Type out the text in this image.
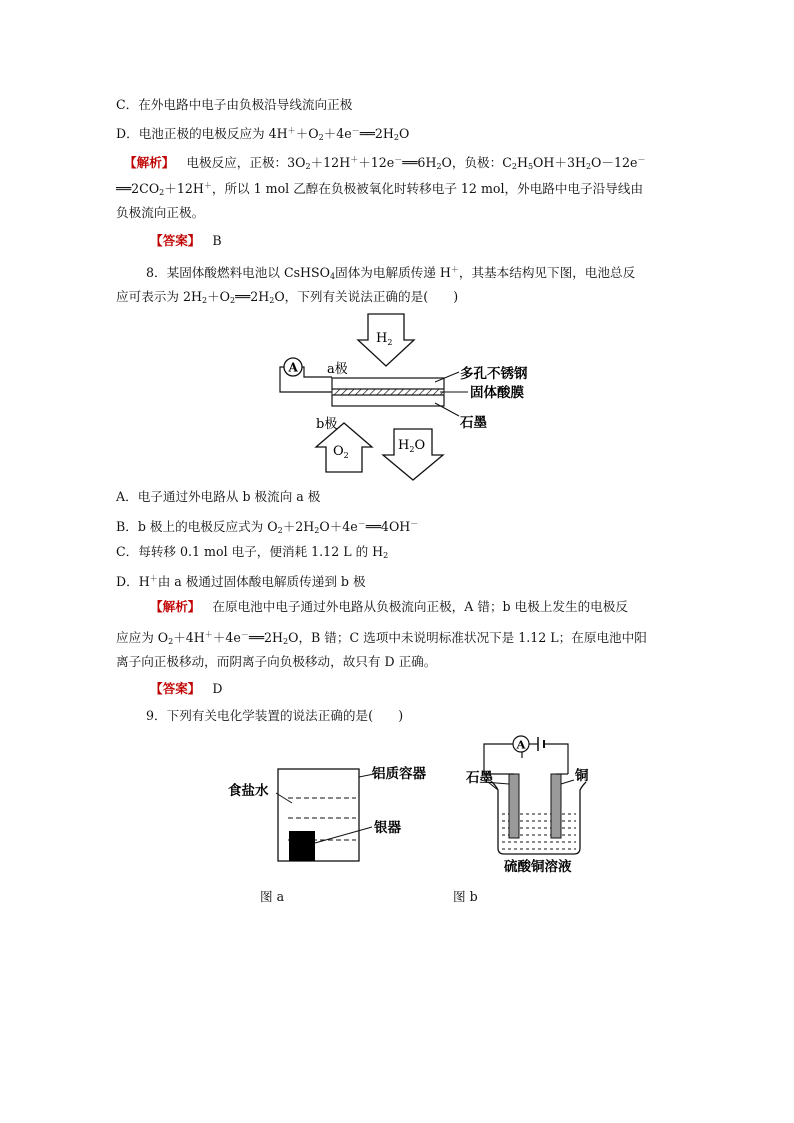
C．在外电路中电子由负极沿导线流向正极
D．电池正极的电极反应为 $4H^++O_2+4e^-══2H_2O$
【解析】 电极反应，正极：$3O_2+12H^++12e^-══6H_2O$，负极：$C_2H_5OH+3H_2O-12e^-$
$══2CO_2+12H^+$，所以 1 mol 乙醇在负极被氧化时转移电子 12 mol，外电路中电子沿导线由
负极流向正极。
【答案】 B
8．某固体酸燃料电池以 CsHSO$_4$固体为电解质传递 H＋，其基本结构见下图，电池总反
应可表示为 $2H_2+O_2══2H_2O$，下列有关说法正确的是(　　)
$H_2$
A a极
b极
多孔不锈钢
固体酸膜
石墨
$O_2$
$H_2O$
A．电子通过外电路从 b 极流向 a 极
B．b 极上的电极反应式为 $O_2+2H_2O+4e^-══4OH^-$
C．每转移 0.1 mol 电子，便消耗 1.12 L 的 $H_2$
D．H＋由 a 极通过固体酸电解质传递到 b 极
【解析】 在原电池中电子通过外电路从负极流向正极，A 错；b 电极上发生的电极反
应应为 $O_2+4H^++4e^-══2H_2O$，B 错；C 选项中未说明标准状况下是 1.12 L；在原电池中阳
离子向正极移动，而阴离子向负极移动，故只有 D 正确。
【答案】 D
9．下列有关电化学装置的说法正确的是(　　)
食盐水
铝质容器
银器
图 a
A
石墨	铜
硫酸铜溶液
图 b
